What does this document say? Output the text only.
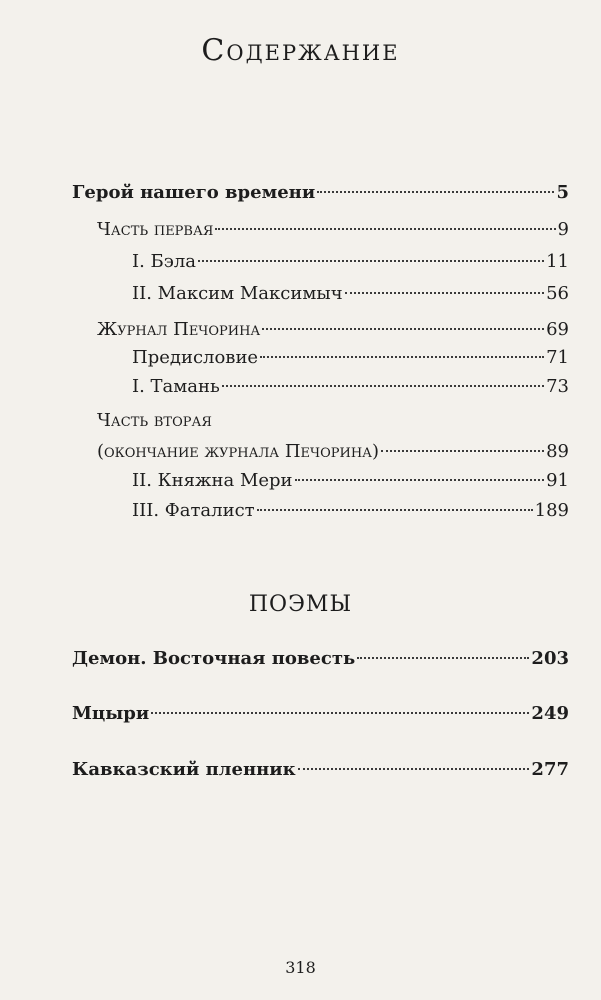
Содержание
Герой нашего времени	5
Часть первая	9
I. Бэла	11
II. Максим Максимыч	56
Журнал Печорина	69
Предисловие	71
I. Тамань	73
Часть вторая
(окончание журнала Печорина)	89
II. Княжна Мери	91
III. Фаталист	189
ПОЭМЫ
Демон. Восточная повесть	203
Мцыри	249
Кавказский пленник	277
318
